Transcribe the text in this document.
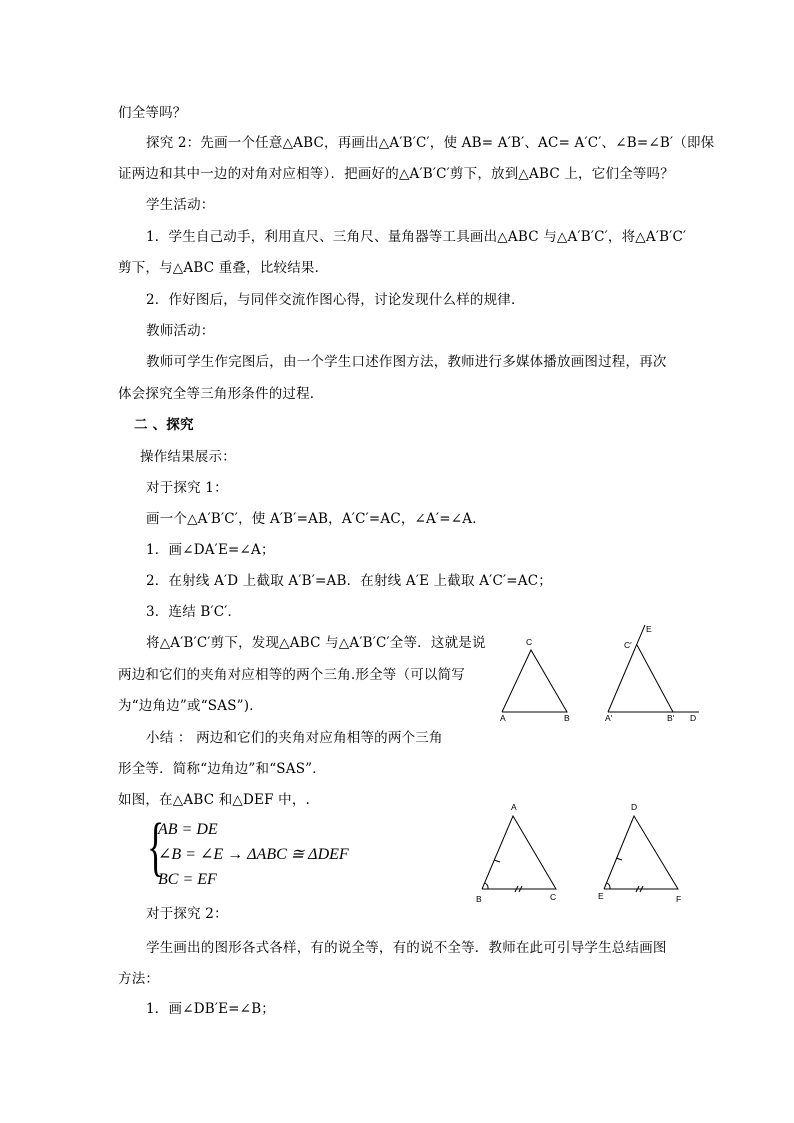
们全等吗？
探究 2：先画一个任意△ABC，再画出△A′B′C′，使 AB= A′B′、AC= A′C′、∠B=∠B′（即保
证两边和其中一边的对角对应相等）．把画好的△A′B′C′剪下，放到△ABC 上，它们全等吗？
学生活动：
1．学生自己动手，利用直尺、三角尺、量角器等工具画出△ABC 与△A′B′C′，将△A′B′C′
剪下，与△ABC 重叠，比较结果．
2．作好图后，与同伴交流作图心得，讨论发现什么样的规律．
教师活动：
教师可学生作完图后，由一个学生口述作图方法，教师进行多媒体播放画图过程，再次
体会探究全等三角形条件的过程．
二 、探究
操作结果展示：
对于探究 1：
画一个△A′B′C′，使 A′B′=AB，A′C′=AC，∠A′=∠A．
1．画∠DA′E=∠A；
2．在射线 A′D 上截取 A′B′=AB．在射线 A′E 上截取 A′C′=AC；
3．连结 B′C′．
将△A′B′C′剪下，发现△ABC 与△A′B′C′全等．这就是说
两边和它们的夹角对应相等的两个三角.形全等（可以简写
为“边角边”或“SAS”)．
小结 ： 两边和它们的夹角对应角相等的两个三角
形全等．简称“边角边”和“SAS”．
如图，在△ABC 和△DEF 中，.
{
AB = DE
∠B = ∠E → ΔABC ≅ ΔDEF
BC = EF
对于探究 2：
学生画出的图形各式各样，有的说全等，有的说不全等．教师在此可引导学生总结画图
方法：
1．画∠DB′E=∠B；
C
A	B
E
C′
A′	B′ D
A
B	C
D
E	F
